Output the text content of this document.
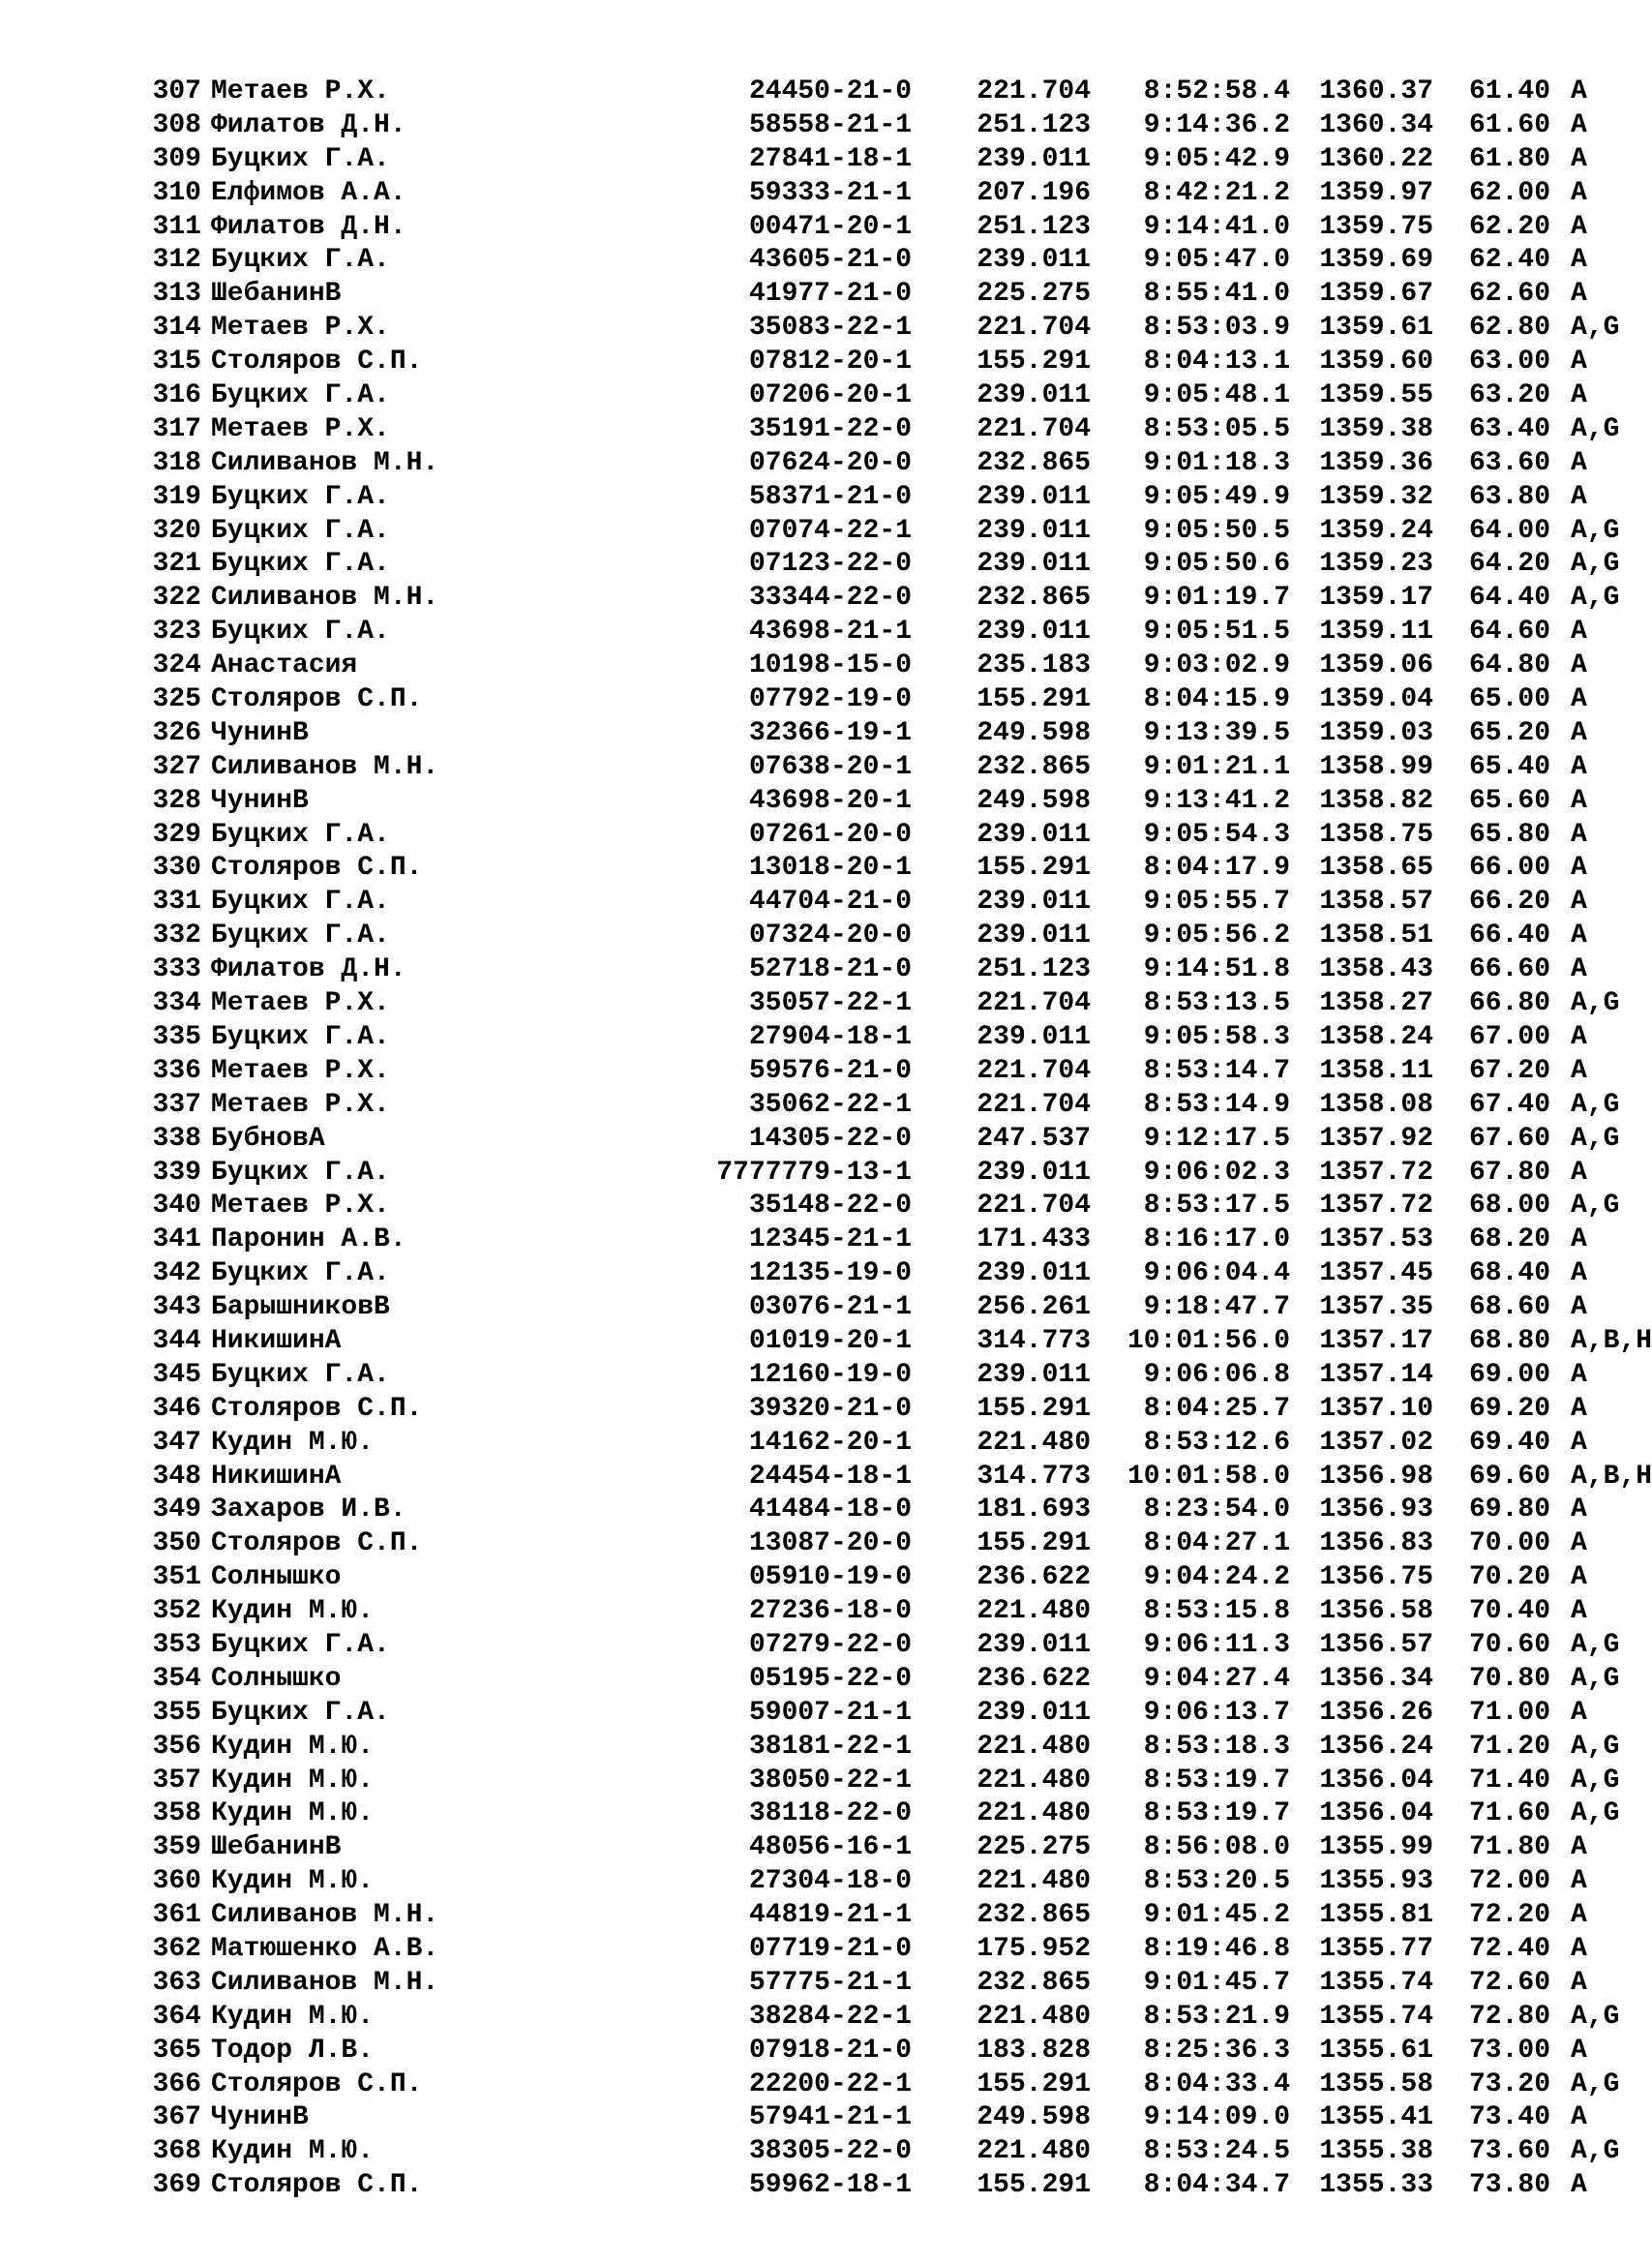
307 Метаев Р.Х.	24450-21-0	221.704	8:52:58.4	1360.37	61.40 A
308 Филатов Д.Н.	58558-21-1	251.123	9:14:36.2	1360.34	61.60 A
309 Буцких Г.А.	27841-18-1	239.011	9:05:42.9	1360.22	61.80 A
310 Елфимов А.А.	59333-21-1	207.196	8:42:21.2	1359.97	62.00 A
311 Филатов Д.Н.	00471-20-1	251.123	9:14:41.0	1359.75	62.20 A
312 Буцких Г.А.	43605-21-0	239.011	9:05:47.0	1359.69	62.40 A
313 ШебанинВ	41977-21-0	225.275	8:55:41.0	1359.67	62.60 A
314 Метаев Р.Х.	35083-22-1	221.704	8:53:03.9	1359.61	62.80 A,G
315 Столяров С.П.	07812-20-1	155.291	8:04:13.1	1359.60	63.00 A
316 Буцких Г.А.	07206-20-1	239.011	9:05:48.1	1359.55	63.20 A
317 Метаев Р.Х.	35191-22-0	221.704	8:53:05.5	1359.38	63.40 A,G
318 Силиванов М.Н.	07624-20-0	232.865	9:01:18.3	1359.36	63.60 A
319 Буцких Г.А.	58371-21-0	239.011	9:05:49.9	1359.32	63.80 A
320 Буцких Г.А.	07074-22-1	239.011	9:05:50.5	1359.24	64.00 A,G
321 Буцких Г.А.	07123-22-0	239.011	9:05:50.6	1359.23	64.20 A,G
322 Силиванов М.Н.	33344-22-0	232.865	9:01:19.7	1359.17	64.40 A,G
323 Буцких Г.А.	43698-21-1	239.011	9:05:51.5	1359.11	64.60 A
324 Анастасия	10198-15-0	235.183	9:03:02.9	1359.06	64.80 A
325 Столяров С.П.	07792-19-0	155.291	8:04:15.9	1359.04	65.00 A
326 ЧунинВ	32366-19-1	249.598	9:13:39.5	1359.03	65.20 A
327 Силиванов М.Н.	07638-20-1	232.865	9:01:21.1	1358.99	65.40 A
328 ЧунинВ	43698-20-1	249.598	9:13:41.2	1358.82	65.60 A
329 Буцких Г.А.	07261-20-0	239.011	9:05:54.3	1358.75	65.80 A
330 Столяров С.П.	13018-20-1	155.291	8:04:17.9	1358.65	66.00 A
331 Буцких Г.А.	44704-21-0	239.011	9:05:55.7	1358.57	66.20 A
332 Буцких Г.А.	07324-20-0	239.011	9:05:56.2	1358.51	66.40 A
333 Филатов Д.Н.	52718-21-0	251.123	9:14:51.8	1358.43	66.60 A
334 Метаев Р.Х.	35057-22-1	221.704	8:53:13.5	1358.27	66.80 A,G
335 Буцких Г.А.	27904-18-1	239.011	9:05:58.3	1358.24	67.00 A
336 Метаев Р.Х.	59576-21-0	221.704	8:53:14.7	1358.11	67.20 A
337 Метаев Р.Х.	35062-22-1	221.704	8:53:14.9	1358.08	67.40 A,G
338 БубновА	14305-22-0	247.537	9:12:17.5	1357.92	67.60 A,G
339 Буцких Г.А.	7777779-13-1	239.011	9:06:02.3	1357.72	67.80 A
340 Метаев Р.Х.	35148-22-0	221.704	8:53:17.5	1357.72	68.00 A,G
341 Паронин А.В.	12345-21-1	171.433	8:16:17.0	1357.53	68.20 A
342 Буцких Г.А.	12135-19-0	239.011	9:06:04.4	1357.45	68.40 A
343 БарышниковВ	03076-21-1	256.261	9:18:47.7	1357.35	68.60 A
344 НикишинА	01019-20-1	314.773	10:01:56.0	1357.17	68.80 A,B,H
345 Буцких Г.А.	12160-19-0	239.011	9:06:06.8	1357.14	69.00 A
346 Столяров С.П.	39320-21-0	155.291	8:04:25.7	1357.10	69.20 A
347 Кудин М.Ю.	14162-20-1	221.480	8:53:12.6	1357.02	69.40 A
348 НикишинА	24454-18-1	314.773	10:01:58.0	1356.98	69.60 A,B,H
349 Захаров И.В.	41484-18-0	181.693	8:23:54.0	1356.93	69.80 A
350 Столяров С.П.	13087-20-0	155.291	8:04:27.1	1356.83	70.00 A
351 Солнышко	05910-19-0	236.622	9:04:24.2	1356.75	70.20 A
352 Кудин М.Ю.	27236-18-0	221.480	8:53:15.8	1356.58	70.40 A
353 Буцких Г.А.	07279-22-0	239.011	9:06:11.3	1356.57	70.60 A,G
354 Солнышко	05195-22-0	236.622	9:04:27.4	1356.34	70.80 A,G
355 Буцких Г.А.	59007-21-1	239.011	9:06:13.7	1356.26	71.00 A
356 Кудин М.Ю.	38181-22-1	221.480	8:53:18.3	1356.24	71.20 A,G
357 Кудин М.Ю.	38050-22-1	221.480	8:53:19.7	1356.04	71.40 A,G
358 Кудин М.Ю.	38118-22-0	221.480	8:53:19.7	1356.04	71.60 A,G
359 ШебанинВ	48056-16-1	225.275	8:56:08.0	1355.99	71.80 A
360 Кудин М.Ю.	27304-18-0	221.480	8:53:20.5	1355.93	72.00 A
361 Силиванов М.Н.	44819-21-1	232.865	9:01:45.2	1355.81	72.20 A
362 Матюшенко А.В.	07719-21-0	175.952	8:19:46.8	1355.77	72.40 A
363 Силиванов М.Н.	57775-21-1	232.865	9:01:45.7	1355.74	72.60 A
364 Кудин М.Ю.	38284-22-1	221.480	8:53:21.9	1355.74	72.80 A,G
365 Тодор Л.В.	07918-21-0	183.828	8:25:36.3	1355.61	73.00 A
366 Столяров С.П.	22200-22-1	155.291	8:04:33.4	1355.58	73.20 A,G
367 ЧунинВ	57941-21-1	249.598	9:14:09.0	1355.41	73.40 A
368 Кудин М.Ю.	38305-22-0	221.480	8:53:24.5	1355.38	73.60 A,G
369 Столяров С.П.	59962-18-1	155.291	8:04:34.7	1355.33	73.80 A
